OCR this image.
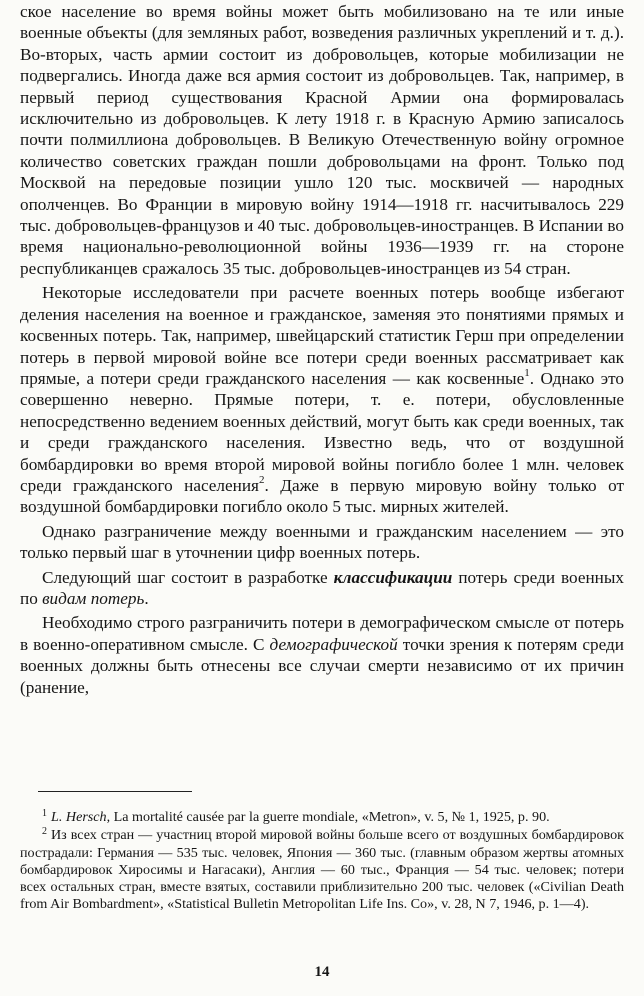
ское население во время войны может быть мобилизовано на те или иные военные объекты (для земляных работ, возведения различных укреплений и т. д.). Во-вторых, часть армии состоит из добровольцев, которые мобилизации не подвергались. Иногда даже вся армия состоит из добровольцев. Так, например, в первый период существования Красной Армии она формировалась исключительно из добровольцев. К лету 1918 г. в Красную Армию записалось почти полмиллиона добровольцев. В Великую Отечественную войну огромное количество советских граждан пошли добровольцами на фронт. Только под Москвой на передовые позиции ушло 120 тыс. москвичей — народных ополченцев. Во Франции в мировую войну 1914—1918 гг. насчитывалось 229 тыс. добровольцев-французов и 40 тыс. добровольцев-иностранцев. В Испании во время национально-революционной войны 1936—1939 гг. на стороне республиканцев сражалось 35 тыс. добровольцев-иностранцев из 54 стран.

Некоторые исследователи при расчете военных потерь вообще избегают деления населения на военное и гражданское, заменяя это понятиями прямых и косвенных потерь. Так, например, швейцарский статистик Герш при определении потерь в первой мировой войне все потери среди военных рассматривает как прямые, а потери среди гражданского населения — как косвенные$^1$. Однако это совершенно неверно. Прямые потери, т. е. потери, обусловленные непосредственно ведением военных действий, могут быть как среди военных, так и среди гражданского населения. Известно ведь, что от воздушной бомбардировки во время второй мировой войны погибло более 1 млн. человек среди гражданского населения$^2$. Даже в первую мировую войну только от воздушной бомбардировки погибло около 5 тыс. мирных жителей.

Однако разграничение между военными и гражданским населением — это только первый шаг в уточнении цифр военных потерь.

Следующий шаг состоит в разработке классификации потерь среди военных по видам потерь.

Необходимо строго разграничить потери в демографическом смысле от потерь в военно-оперативном смысле. С демографической точки зрения к потерям среди военных должны быть отнесены все случаи смерти независимо от их причин (ранение,

$^1$ L. Hersch, La mortalité causée par la guerre mondiale, «Metron», v. 5, № 1, 1925, p. 90.

$^2$ Из всех стран — участниц второй мировой войны больше всего от воздушных бомбардировок пострадали: Германия — 535 тыс. человек, Япония — 360 тыс. (главным образом жертвы атомных бомбардировок Хиросимы и Нагасаки), Англия — 60 тыс., Франция — 54 тыс. человек; потери всех остальных стран, вместе взятых, составили приблизительно 200 тыс. человек («Civilian Death from Air Bombardment», «Statistical Bulletin Metropolitan Life Ins. Co», v. 28, N 7, 1946, p. 1—4).

14
